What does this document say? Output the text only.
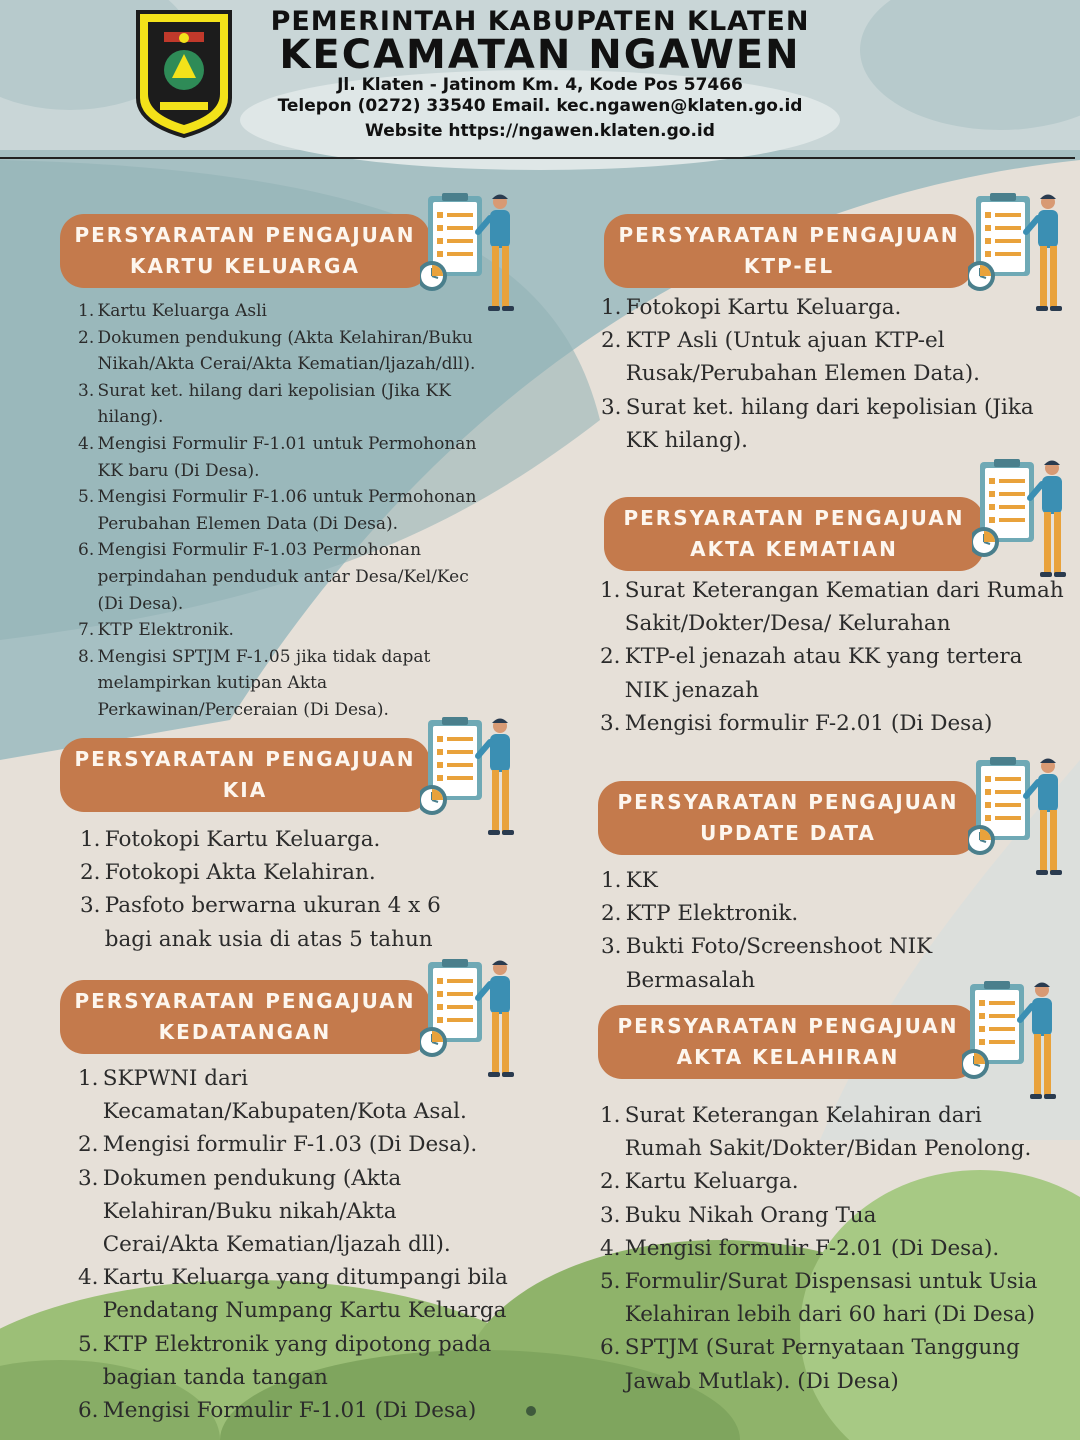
PEMERINTAH KABUPATEN KLATEN
KECAMATAN NGAWEN
Jl. Klaten - Jatinom Km. 4, Kode Pos 57466
Telepon (0272) 33540 Email. kec.ngawen@klaten.go.id
Website https://ngawen.klaten.go.id
PERSYARATAN PENGAJUAN
KARTU KELUARGA
1. Kartu Keluarga Asli
2. Dokumen pendukung (Akta Kelahiran/Buku Nikah/Akta Cerai/Akta Kematian/ljazah/dll).
3. Surat ket. hilang dari kepolisian (Jika KK hilang).
4. Mengisi Formulir F-1.01 untuk Permohonan KK baru (Di Desa).
5. Mengisi Formulir F-1.06 untuk Permohonan Perubahan Elemen Data (Di Desa).
6. Mengisi Formulir F-1.03 Permohonan perpindahan penduduk antar Desa/Kel/Kec (Di Desa).
7. KTP Elektronik.
8. Mengisi SPTJM F-1.05 jika tidak dapat melampirkan kutipan Akta Perkawinan/Perceraian (Di Desa).
PERSYARATAN PENGAJUAN
KIA
1. Fotokopi Kartu Keluarga.
2. Fotokopi Akta Kelahiran.
3. Pasfoto berwarna ukuran 4 x 6 bagi anak usia di atas 5 tahun
PERSYARATAN PENGAJUAN
KEDATANGAN
1. SKPWNI dari Kecamatan/Kabupaten/Kota Asal.
2. Mengisi formulir F-1.03 (Di Desa).
3. Dokumen pendukung (Akta Kelahiran/Buku nikah/Akta Cerai/Akta Kematian/ljazah dll).
4. Kartu Keluarga yang ditumpangi bila Pendatang Numpang Kartu Keluarga
5. KTP Elektronik yang dipotong pada bagian tanda tangan
6. Mengisi Formulir F-1.01 (Di Desa)
PERSYARATAN PENGAJUAN
KTP-EL
1. Fotokopi Kartu Keluarga.
2. KTP Asli (Untuk ajuan KTP-el Rusak/Perubahan Elemen Data).
3. Surat ket. hilang dari kepolisian (Jika KK hilang).
PERSYARATAN PENGAJUAN
AKTA KEMATIAN
1. Surat Keterangan Kematian dari Rumah Sakit/Dokter/Desa/ Kelurahan
2. KTP-el jenazah atau KK yang tertera NIK jenazah
3. Mengisi formulir F-2.01 (Di Desa)
PERSYARATAN PENGAJUAN
UPDATE DATA
1. KK
2. KTP Elektronik.
3. Bukti Foto/Screenshoot NIK Bermasalah
PERSYARATAN PENGAJUAN
AKTA KELAHIRAN
1. Surat Keterangan Kelahiran dari Rumah Sakit/Dokter/Bidan Penolong.
2. Kartu Keluarga.
3. Buku Nikah Orang Tua
4. Mengisi formulir F-2.01 (Di Desa).
5. Formulir/Surat Dispensasi untuk Usia Kelahiran lebih dari 60 hari (Di Desa)
6. SPTJM (Surat Pernyataan Tanggung Jawab Mutlak). (Di Desa)
